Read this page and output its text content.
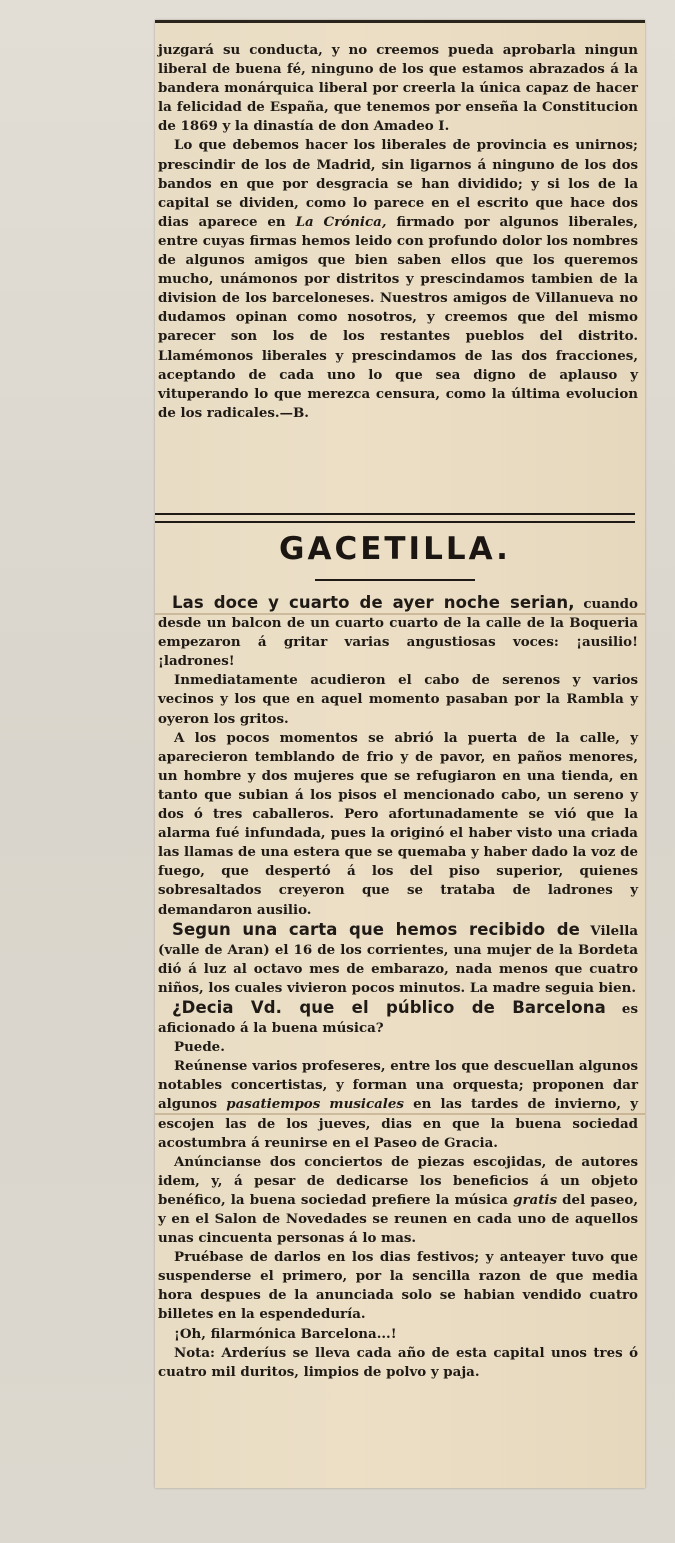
juzgará su conducta, y no creemos pueda aprobarla ningun liberal de buena fé, ninguno de los que estamos abrazados á la bandera monárquica liberal por creerla la única capaz de hacer la felicidad de España, que tenemos por enseña la Constitucion de 1869 y la dinastía de don Amadeo I.

Lo que debemos hacer los liberales de provincia es unirnos; prescindir de los de Madrid, sin ligarnos á ninguno de los dos bandos en que por desgracia se han dividido; y si los de la capital se dividen, como lo parece en el escrito que hace dos dias aparece en La Crónica, firmado por algunos liberales, entre cuyas firmas hemos leido con profundo dolor los nombres de algunos amigos que bien saben ellos que los queremos mucho, unámonos por distritos y prescindamos tambien de la division de los barceloneses. Nuestros amigos de Villanueva no dudamos opinan como nosotros, y creemos que del mismo parecer son los de los restantes pueblos del distrito. Llamémonos liberales y prescindamos de las dos fracciones, aceptando de cada uno lo que sea digno de aplauso y vituperando lo que merezca censura, como la última evolucion de los radicales.—B.

GACETILLA.

Las doce y cuarto de ayer noche serian, cuando desde un balcon de un cuarto cuarto de la calle de la Boqueria empezaron á gritar varias angustiosas voces: ¡ausilio! ¡ladrones!

Inmediatamente acudieron el cabo de serenos y varios vecinos y los que en aquel momento pasaban por la Rambla y oyeron los gritos.

A los pocos momentos se abrió la puerta de la calle, y aparecieron temblando de frio y de pavor, en paños menores, un hombre y dos mujeres que se refugiaron en una tienda, en tanto que subian á los pisos el mencionado cabo, un sereno y dos ó tres caballeros. Pero afortunadamente se vió que la alarma fué infundada, pues la originó el haber visto una criada las llamas de una estera que se quemaba y haber dado la voz de fuego, que despertó á los del piso superior, quienes sobresaltados creyeron que se trataba de ladrones y demandaron ausilio.

Segun una carta que hemos recibido de Vilella (valle de Aran) el 16 de los corrientes, una mujer de la Bordeta dió á luz al octavo mes de embarazo, nada menos que cuatro niños, los cuales vivieron pocos minutos. La madre seguia bien.

¿Decia Vd. que el público de Barcelona es aficionado á la buena música?

Puede.

Reúnense varios profeseres, entre los que descuellan algunos notables concertistas, y forman una orquesta; proponen dar algunos pasatiempos musicales en las tardes de invierno, y escojen las de los jueves, dias en que la buena sociedad acostumbra á reunirse en el Paseo de Gracia.

Anúncianse dos conciertos de piezas escojidas, de autores idem, y, á pesar de dedicarse los beneficios á un objeto benéfico, la buena sociedad prefiere la música gratis del paseo, y en el Salon de Novedades se reunen en cada uno de aquellos unas cincuenta personas á lo mas.

Pruébase de darlos en los dias festivos; y anteayer tuvo que suspenderse el primero, por la sencilla razon de que media hora despues de la anunciada solo se habian vendido cuatro billetes en la espendeduría.

¡Oh, filarmónica Barcelona...!

Nota: Arderíus se lleva cada año de esta capital unos tres ó cuatro mil duritos, limpios de polvo y paja.
